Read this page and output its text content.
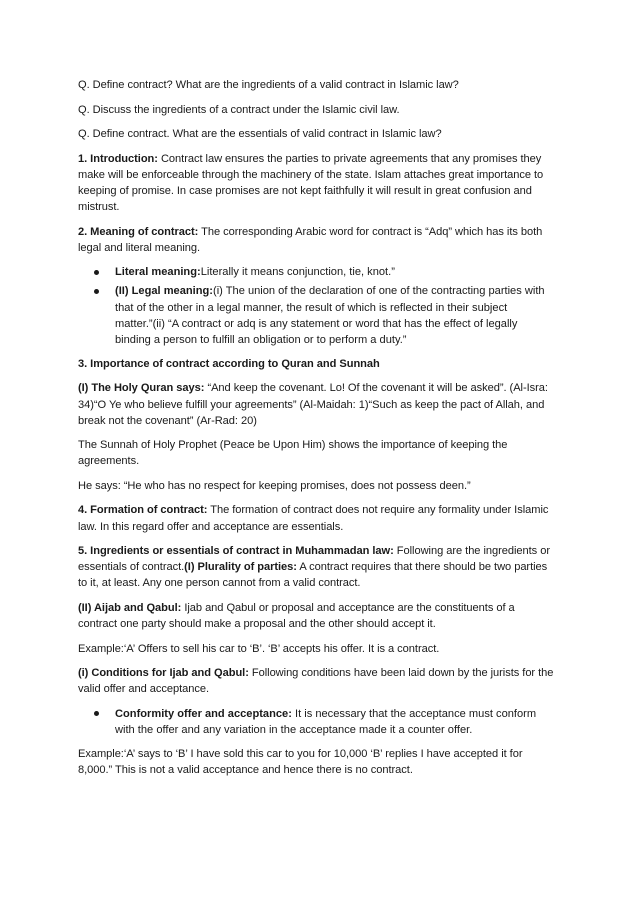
Q. Define contract? What are the ingredients of a valid contract in Islamic law?

Q. Discuss the ingredients of a contract under the Islamic civil law.

Q. Define contract. What are the essentials of valid contract in Islamic law?

1. Introduction: Contract law ensures the parties to private agreements that any promises they make will be enforceable through the machinery of the state. Islam attaches great importance to keeping of promise. In case promises are not kept faithfully it will result in great confusion and mistrust.

2. Meaning of contract: The corresponding Arabic word for contract is “Adq” which has its both legal and literal meaning.

Literal meaning:Literally it means conjunction, tie, knot.”
(II) Legal meaning:(i) The union of the declaration of one of the contracting parties with that of the other in a legal manner, the result of which is reflected in their subject matter.”(ii) “A contract or adq is any statement or word that has the effect of legally binding a person to fulfill an obligation or to perform a duty.”

3. Importance of contract according to Quran and Sunnah

(I) The Holy Quran says: “And keep the covenant. Lo! Of the covenant it will be asked”. (Al-Isra: 34)“O Ye who believe fulfill your agreements” (Al-Maidah: 1)“Such as keep the pact of Allah, and break not the covenant” (Ar-Rad: 20)

The Sunnah of Holy Prophet (Peace be Upon Him) shows the importance of keeping the agreements.

He says: “He who has no respect for keeping promises, does not possess deen.”

4. Formation of contract: The formation of contract does not require any formality under Islamic law. In this regard offer and acceptance are essentials.

5. Ingredients or essentials of contract in Muhammadan law: Following are the ingredients or essentials of contract.(I) Plurality of parties: A contract requires that there should be two parties to it, at least. Any one person cannot from a valid contract.

(II) Aijab and Qabul: Ijab and Qabul or proposal and acceptance are the constituents of a contract one party should make a proposal and the other should accept it.

Example:‘A’ Offers to sell his car to ‘B’. ‘B’ accepts his offer. It is a contract.

(i) Conditions for Ijab and Qabul: Following conditions have been laid down by the jurists for the valid offer and acceptance.

Conformity offer and acceptance: It is necessary that the acceptance must conform with the offer and any variation in the acceptance made it a counter offer.

Example:‘A’ says to ‘B’ I have sold this car to you for 10,000 ‘B’ replies I have accepted it for 8,000.” This is not a valid acceptance and hence there is no contract.
